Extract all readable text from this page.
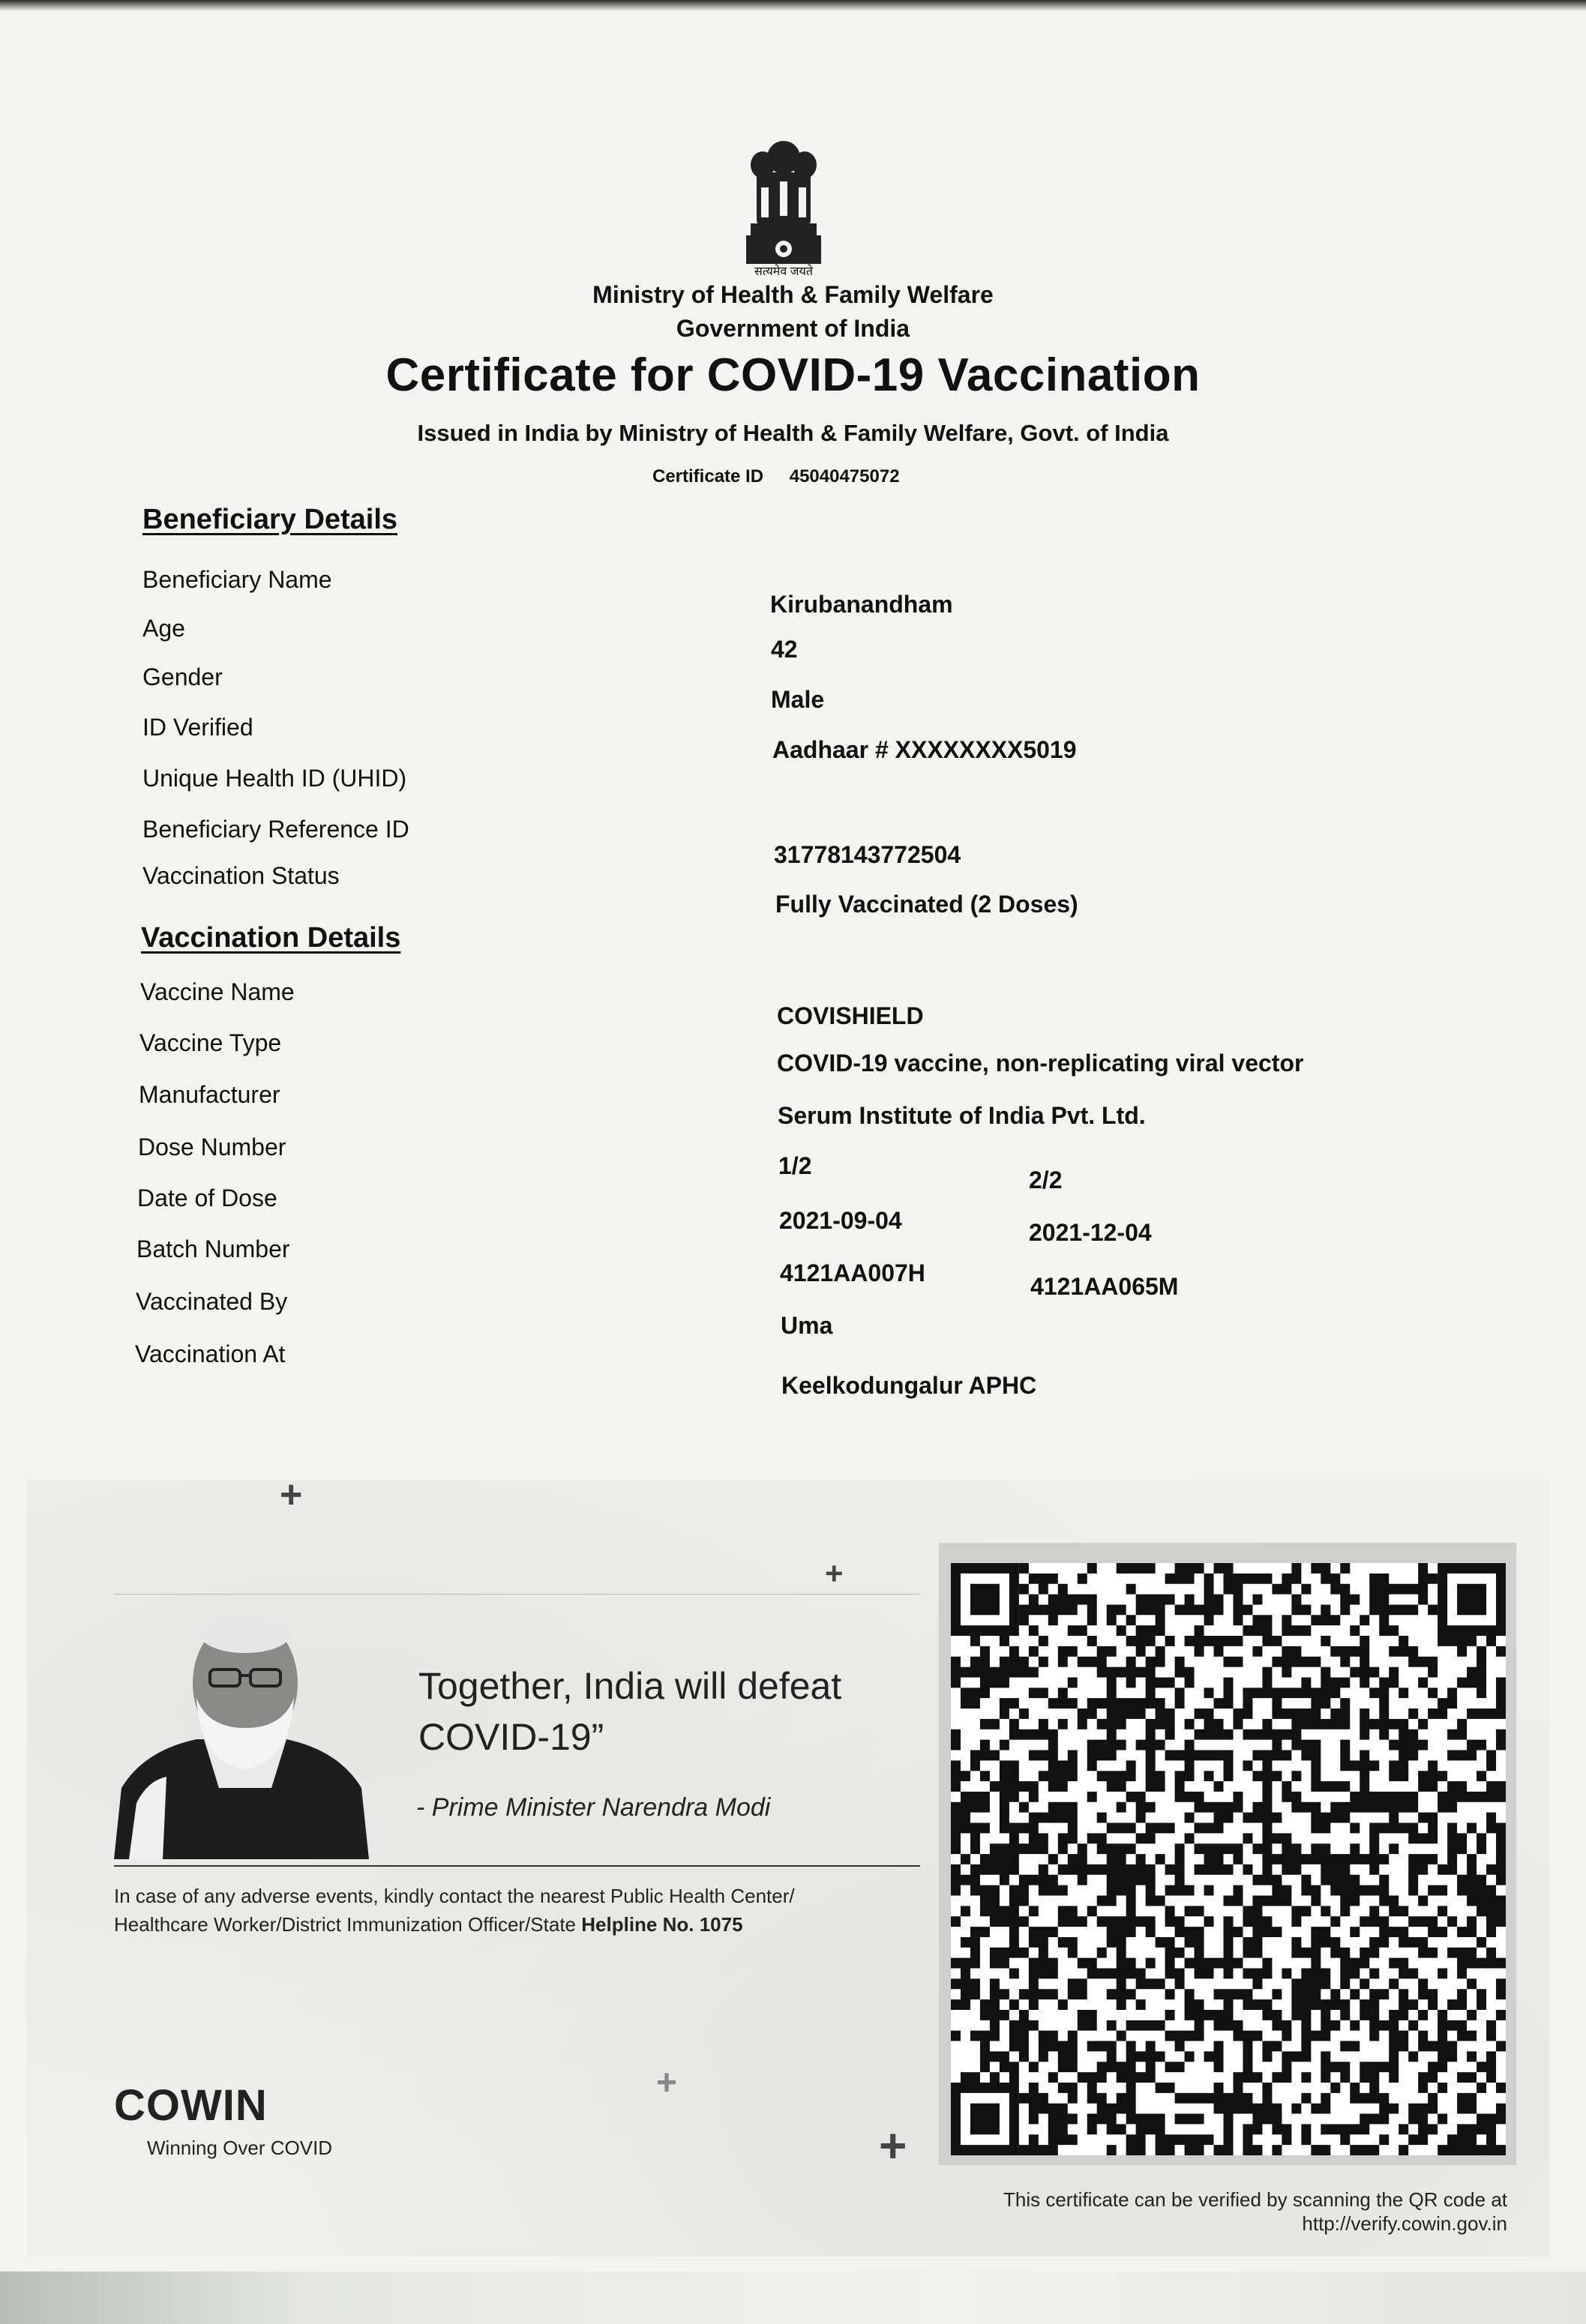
सत्यमेव जयते
Ministry of Health & Family Welfare
Government of India
Certificate for COVID-19 Vaccination
Issued in India by Ministry of Health & Family Welfare, Govt. of India
Certificate ID 45040475072
Beneficiary Details
Beneficiary Name
Age
Gender
ID Verified
Unique Health ID (UHID)
Beneficiary Reference ID
Vaccination Status
Kirubanandham
42
Male
Aadhaar # XXXXXXXX5019
31778143772504
Fully Vaccinated (2 Doses)
Vaccination Details
Vaccine Name
Vaccine Type
Manufacturer
Dose Number
Date of Dose
Batch Number
Vaccinated By
Vaccination At
COVISHIELD
COVID-19 vaccine, non-replicating viral vector
Serum Institute of India Pvt. Ltd.
1/2
2/2
2021-09-04	2021-12-04
4121AA007H	4121AA065M
Uma
Keelkodungalur APHC
+
+
+
+
Together, India will defeat
COVID-19”
- Prime Minister Narendra Modi
In case of any adverse events, kindly contact the nearest Public Health Center/
Healthcare Worker/District Immunization Officer/State Helpline No. 1075
COWIN
Winning Over COVID
This certificate can be verified by scanning the QR code at
http://verify.cowin.gov.in
